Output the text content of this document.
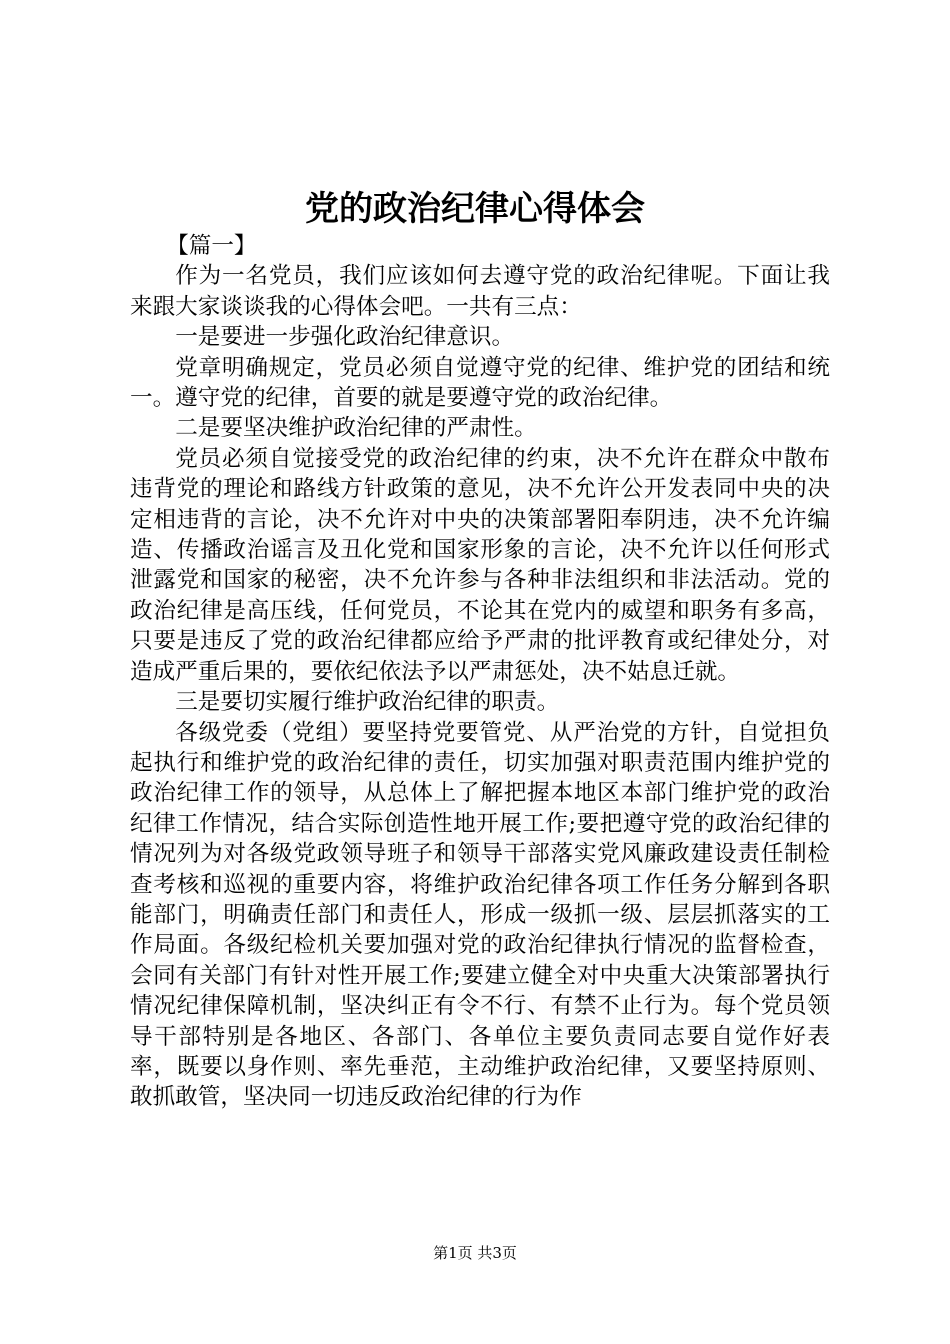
党的政治纪律心得体会

【篇一】

作为一名党员，我们应该如何去遵守党的政治纪律呢。下面让我来跟大家谈谈我的心得体会吧。一共有三点：

一是要进一步强化政治纪律意识。

党章明确规定，党员必须自觉遵守党的纪律、维护党的团结和统一。遵守党的纪律，首要的就是要遵守党的政治纪律。

二是要坚决维护政治纪律的严肃性。

党员必须自觉接受党的政治纪律的约束，决不允许在群众中散布违背党的理论和路线方针政策的意见，决不允许公开发表同中央的决定相违背的言论，决不允许对中央的决策部署阳奉阴违，决不允许编造、传播政治谣言及丑化党和国家形象的言论，决不允许以任何形式泄露党和国家的秘密，决不允许参与各种非法组织和非法活动。党的政治纪律是高压线，任何党员，不论其在党内的威望和职务有多高，只要是违反了党的政治纪律都应给予严肃的批评教育或纪律处分，对造成严重后果的，要依纪依法予以严肃惩处，决不姑息迁就。

三是要切实履行维护政治纪律的职责。

各级党委（党组）要坚持党要管党、从严治党的方针，自觉担负起执行和维护党的政治纪律的责任，切实加强对职责范围内维护党的政治纪律工作的领导，从总体上了解把握本地区本部门维护党的政治纪律工作情况，结合实际创造性地开展工作;要把遵守党的政治纪律的情况列为对各级党政领导班子和领导干部落实党风廉政建设责任制检查考核和巡视的重要内容，将维护政治纪律各项工作任务分解到各职能部门，明确责任部门和责任人，形成一级抓一级、层层抓落实的工作局面。各级纪检机关要加强对党的政治纪律执行情况的监督检查，会同有关部门有针对性开展工作;要建立健全对中央重大决策部署执行情况纪律保障机制，坚决纠正有令不行、有禁不止行为。每个党员领导干部特别是各地区、各部门、各单位主要负责同志要自觉作好表率，既要以身作则、率先垂范，主动维护政治纪律，又要坚持原则、敢抓敢管，坚决同一切违反政治纪律的行为作

第1页 共3页
